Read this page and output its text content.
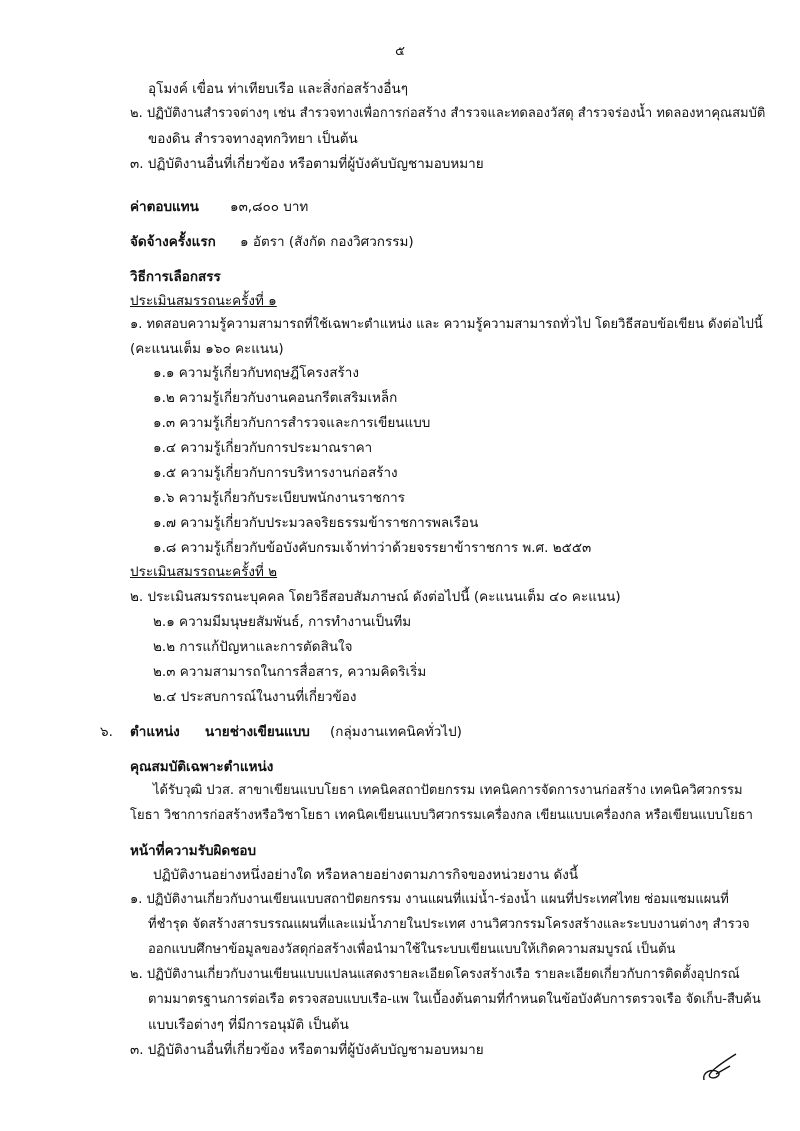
๕
อุโมงค์ เขื่อน ท่าเทียบเรือ และสิ่งก่อสร้างอื่นๆ
๒. ปฏิบัติงานสำรวจต่างๆ เช่น สำรวจทางเพื่อการก่อสร้าง สำรวจและทดลองวัสดุ สำรวจร่องน้ำ ทดลองหาคุณสมบัติ
ของดิน สำรวจทางอุทกวิทยา เป็นต้น
๓. ปฏิบัติงานอื่นที่เกี่ยวข้อง หรือตามที่ผู้บังคับบัญชามอบหมาย
ค่าตอบแทน ๑๓,๘๐๐ บาท
จัดจ้างครั้งแรก ๑ อัตรา (สังกัด กองวิศวกรรม)
วิธีการเลือกสรร
ประเมินสมรรถนะครั้งที่ ๑
๑. ทดสอบความรู้ความสามารถที่ใช้เฉพาะตำแหน่ง และ ความรู้ความสามารถทั่วไป โดยวิธีสอบข้อเขียน ดังต่อไปนี้
(คะแนนเต็ม ๑๖๐ คะแนน)
๑.๑ ความรู้เกี่ยวกับทฤษฎีโครงสร้าง
๑.๒ ความรู้เกี่ยวกับงานคอนกรีตเสริมเหล็ก
๑.๓ ความรู้เกี่ยวกับการสำรวจและการเขียนแบบ
๑.๔ ความรู้เกี่ยวกับการประมาณราคา
๑.๕ ความรู้เกี่ยวกับการบริหารงานก่อสร้าง
๑.๖ ความรู้เกี่ยวกับระเบียบพนักงานราชการ
๑.๗ ความรู้เกี่ยวกับประมวลจริยธรรมข้าราชการพลเรือน
๑.๘ ความรู้เกี่ยวกับข้อบังคับกรมเจ้าท่าว่าด้วยจรรยาข้าราชการ พ.ศ. ๒๕๕๓
ประเมินสมรรถนะครั้งที่ ๒
๒. ประเมินสมรรถนะบุคคล โดยวิธีสอบสัมภาษณ์ ดังต่อไปนี้ (คะแนนเต็ม ๔๐ คะแนน)
๒.๑ ความมีมนุษยสัมพันธ์, การทำงานเป็นทีม
๒.๒ การแก้ปัญหาและการตัดสินใจ
๒.๓ ความสามารถในการสื่อสาร, ความคิดริเริ่ม
๒.๔ ประสบการณ์ในงานที่เกี่ยวข้อง
๖. ตำแหน่ง นายช่างเขียนแบบ (กลุ่มงานเทคนิคทั่วไป)
คุณสมบัติเฉพาะตำแหน่ง
ได้รับวุฒิ ปวส. สาขาเขียนแบบโยธา เทคนิคสถาปัตยกรรม เทคนิคการจัดการงานก่อสร้าง เทคนิควิศวกรรม
โยธา วิชาการก่อสร้างหรือวิชาโยธา เทคนิคเขียนแบบวิศวกรรมเครื่องกล เขียนแบบเครื่องกล หรือเขียนแบบโยธา
หน้าที่ความรับผิดชอบ
ปฏิบัติงานอย่างหนึ่งอย่างใด หรือหลายอย่างตามภารกิจของหน่วยงาน ดังนี้
๑. ปฏิบัติงานเกี่ยวกับงานเขียนแบบสถาปัตยกรรม งานแผนที่แม่น้ำ-ร่องน้ำ แผนที่ประเทศไทย ซ่อมแซมแผนที่
ที่ชำรุด จัดสร้างสารบรรณแผนที่และแม่น้ำภายในประเทศ งานวิศวกรรมโครงสร้างและระบบงานต่างๆ สำรวจ
ออกแบบศึกษาข้อมูลของวัสดุก่อสร้างเพื่อนำมาใช้ในระบบเขียนแบบให้เกิดความสมบูรณ์ เป็นต้น
๒. ปฏิบัติงานเกี่ยวกับงานเขียนแบบแปลนแสดงรายละเอียดโครงสร้างเรือ รายละเอียดเกี่ยวกับการติดตั้งอุปกรณ์
ตามมาตรฐานการต่อเรือ ตรวจสอบแบบเรือ-แพ ในเบื้องต้นตามที่กำหนดในข้อบังคับการตรวจเรือ จัดเก็บ-สืบค้น
แบบเรือต่างๆ ที่มีการอนุมัติ เป็นต้น
๓. ปฏิบัติงานอื่นที่เกี่ยวข้อง หรือตามที่ผู้บังคับบัญชามอบหมาย
